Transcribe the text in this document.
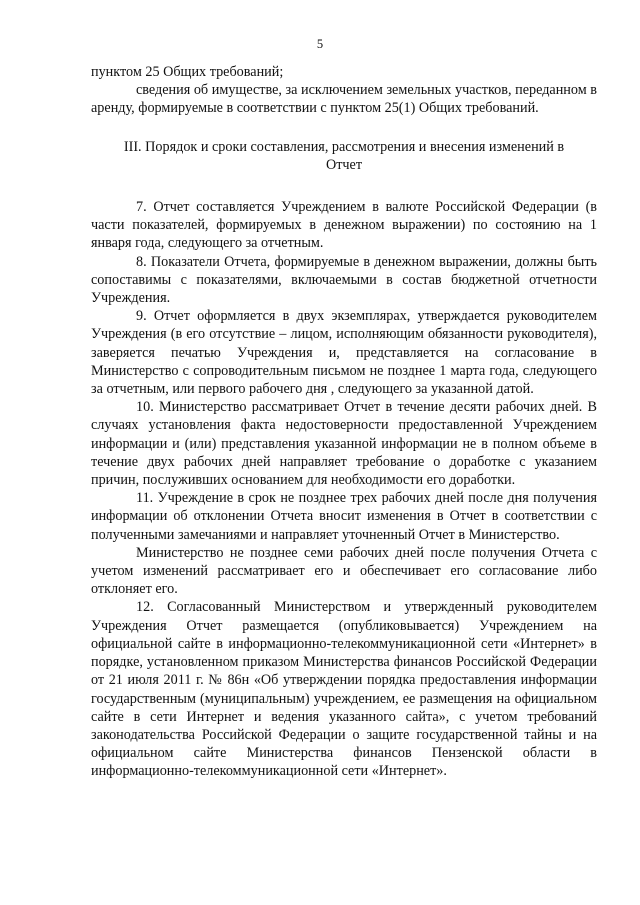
5

пунктом 25 Общих требований;

сведения об имуществе, за исключением земельных участков, переданном в аренду, формируемые в соответствии с пунктом 25(1) Общих требований.

III. Порядок и сроки составления, рассмотрения и внесения изменений в
Отчет

7. Отчет составляется Учреждением в валюте Российской Федерации (в части показателей, формируемых в денежном выражении) по состоянию на 1 января года, следующего за отчетным.

8. Показатели Отчета, формируемые в денежном выражении, должны быть сопоставимы с показателями, включаемыми в состав бюджетной отчетности Учреждения.

9. Отчет оформляется в двух экземплярах, утверждается руководителем Учреждения (в его отсутствие – лицом, исполняющим обязанности руководителя), заверяется печатью Учреждения и, представляется на согласование в Министерство с сопроводительным письмом не позднее 1 марта года, следующего за отчетным, или первого рабочего дня , следующего за указанной датой.

10. Министерство рассматривает Отчет в течение десяти рабочих дней. В случаях установления факта недостоверности предоставленной Учреждением информации и (или) представления указанной информации не в полном объеме в течение двух рабочих дней направляет требование о доработке с указанием причин, послуживших основанием для необходимости его доработки.

11. Учреждение в срок не позднее трех рабочих дней после дня получения информации об отклонении Отчета вносит изменения в Отчет в соответствии с полученными замечаниями и направляет уточненный Отчет в Министерство.

Министерство не позднее семи рабочих дней после получения Отчета с учетом изменений рассматривает его и обеспечивает его согласование либо отклоняет его.

12. Согласованный Министерством и утвержденный руководителем Учреждения Отчет размещается (опубликовывается) Учреждением на официальной сайте в информационно-телекоммуникационной сети «Интернет» в порядке, установленном приказом Министерства финансов Российской Федерации от 21 июля 2011 г. № 86н «Об утверждении порядка предоставления информации государственным (муниципальным) учреждением, ее размещения на официальном сайте в сети Интернет и ведения указанного сайта», с учетом требований законодательства Российской Федерации о защите государственной тайны и на официальном сайте Министерства финансов Пензенской области в информационно-телекоммуникационной сети «Интернет».
